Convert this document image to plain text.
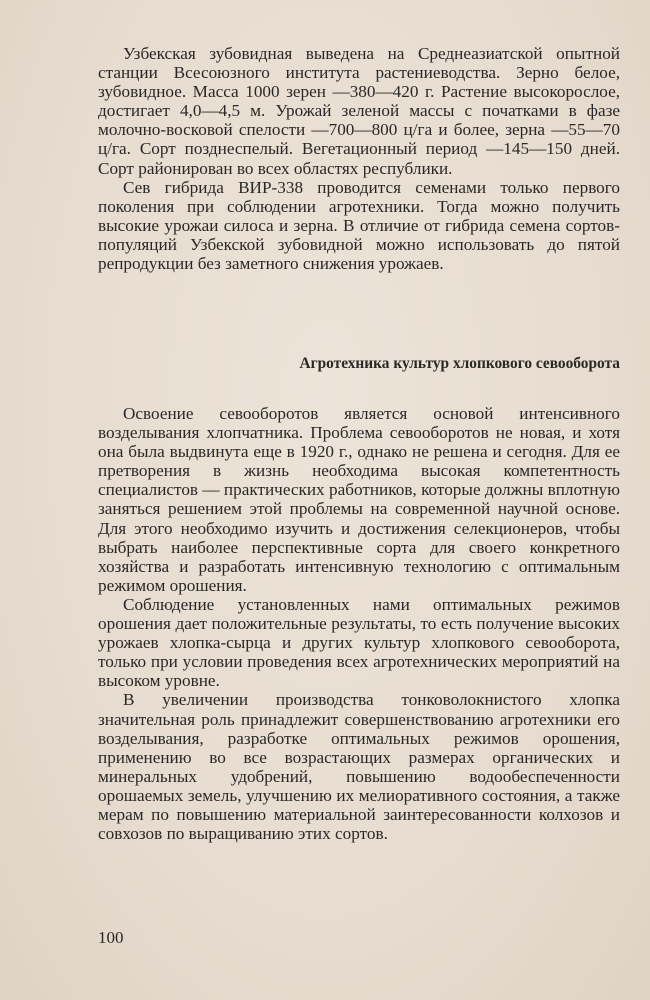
Узбекская зубовидная выведена на Среднеазиатской опытной станции Всесоюзного института растениеводства. Зерно белое, зубовидное. Масса 1000 зерен —380—420 г. Растение высокорослое, достигает 4,0—4,5 м. Урожай зеленой массы с початками в фазе молочно-восковой спелости —700—800 ц/га и более, зерна —55—70 ц/га. Сорт позднеспелый. Вегетационный период —145—150 дней. Сорт районирован во всех областях республики.

Сев гибрида ВИР-338 проводится семенами только первого поколения при соблюдении агротехники. Тогда можно получить высокие урожаи силоса и зерна. В отличие от гибрида семена сортов-популяций Узбекской зубовидной можно использовать до пятой репродукции без заметного снижения урожаев.

Агротехника культур хлопкового севооборота

Освоение севооборотов является основой интенсивного возделывания хлопчатника. Проблема севооборотов не новая, и хотя она была выдвинута еще в 1920 г., однако не решена и сегодня. Для ее претворения в жизнь необходима высокая компетентность специалистов — практических работников, которые должны вплотную заняться решением этой проблемы на современной научной основе. Для этого необходимо изучить и достижения селекционеров, чтобы выбрать наиболее перспективные сорта для своего конкретного хозяйства и разработать интенсивную технологию с оптимальным режимом орошения.

Соблюдение установленных нами оптимальных режимов орошения дает положительные результаты, то есть получение высоких урожаев хлопка-сырца и других культур хлопкового севооборота, только при условии проведения всех агротехнических мероприятий на высоком уровне.

В увеличении производства тонковолокнистого хлопка значительная роль принадлежит совершенствованию агротехники его возделывания, разработке оптимальных режимов орошения, применению во все возрастающих размерах органических и минеральных удобрений, повышению водообеспеченности орошаемых земель, улучшению их мелиоративного состояния, а также мерам по повышению материальной заинтересованности колхозов и совхозов по выращиванию этих сортов.

100
